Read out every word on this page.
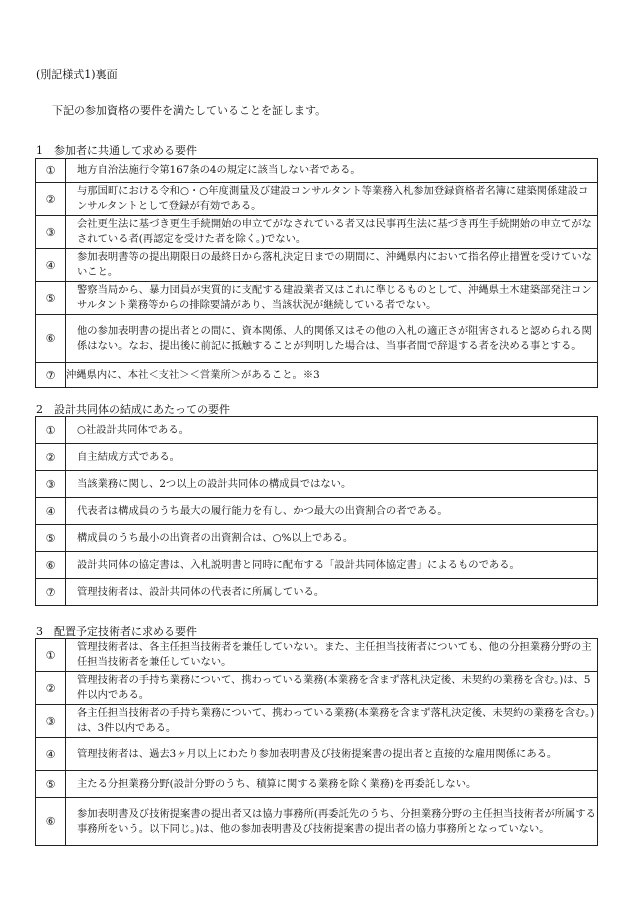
(別記様式1)裏面
下記の参加資格の要件を満たしていることを証します。
1　参加者に共通して求める要件
①	地方自治法施行令第167条の4の規定に該当しない者である。

②	与那国町における令和○・○年度測量及び建設コンサルタント等業務入札参加登録資格者名簿に建築関係建設コンサルタントとして登録が有効である。

③	会社更生法に基づき更生手続開始の申立てがなされている者又は民事再生法に基づき再生手続開始の申立てがなされている者(再認定を受けた者を除く。)でない。

④	参加表明書等の提出期限日の最終日から落札決定日までの期間に、沖縄県内において指名停止措置を受けていないこと。

⑤	警察当局から、暴力団員が実質的に支配する建設業者又はこれに準じるものとして、沖縄県土木建築部発注コンサルタント業務等からの排除要請があり、当該状況が継続している者でない。

⑥	他の参加表明書の提出者との間に、資本関係、人的関係又はその他の入札の適正さが阻害されると認められる関係はない。なお、提出後に前記に抵触することが判明した場合は、当事者間で辞退する者を決める事とする。

⑦	沖縄県内に、本社＜支社＞＜営業所＞があること。※3
2　設計共同体の結成にあたっての要件
①	○社設計共同体である。

②	自主結成方式である。

③	当該業務に関し、2つ以上の設計共同体の構成員ではない。

④	代表者は構成員のうち最大の履行能力を有し、かつ最大の出資割合の者である。

⑤	構成員のうち最小の出資者の出資割合は、○%以上である。

⑥	設計共同体の協定書は、入札説明書と同時に配布する「設計共同体協定書」によるものである。

⑦	管理技術者は、設計共同体の代表者に所属している。
3　配置予定技術者に求める要件
①	管理技術者は、各主任担当技術者を兼任していない。また、主任担当技術者についても、他の分担業務分野の主任担当技術者を兼任していない。

②	管理技術者の手持ち業務について、携わっている業務(本業務を含まず落札決定後、未契約の業務を含む。)は、5件以内である。

③	各主任担当技術者の手持ち業務について、携わっている業務(本業務を含まず落札決定後、未契約の業務を含む。)は、3件以内である。

④	管理技術者は、過去3ヶ月以上にわたり参加表明書及び技術提案書の提出者と直接的な雇用関係にある。

⑤	主たる分担業務分野(設計分野のうち、積算に関する業務を除く業務)を再委託しない。

⑥	参加表明書及び技術提案書の提出者又は協力事務所(再委託先のうち、分担業務分野の主任担当技術者が所属する事務所をいう。以下同じ。)は、他の参加表明書及び技術提案書の提出者の協力事務所となっていない。
